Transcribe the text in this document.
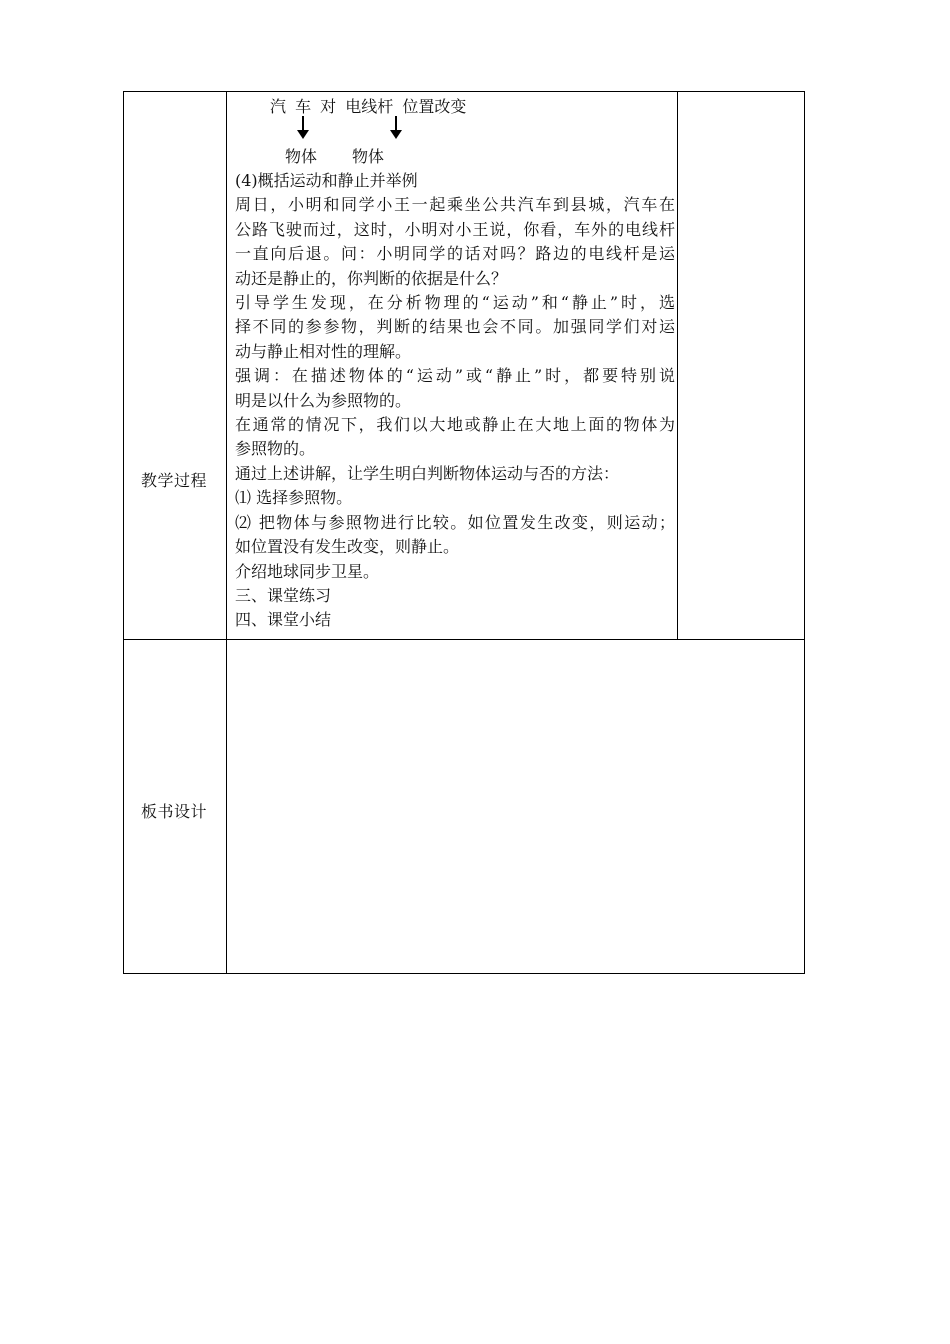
教学过程
板书设计
汽 车 对 电线杆 位置改变
物体 物体

(4)概括运动和静止并举例

周日，小明和同学小王一起乘坐公共汽车到县城，汽车在

公路飞驶而过，这时，小明对小王说，你看，车外的电线杆

一直向后退。问：小明同学的话对吗？路边的电线杆是运

动还是静止的，你判断的依据是什么？

引导学生发现，在分析物理的“运动”和“静止”时，选

择不同的参参物，判断的结果也会不同。加强同学们对运

动与静止相对性的理解。

强调：在描述物体的“运动”或“静止”时，都要特别说

明是以什么为参照物的。

在通常的情况下，我们以大地或静止在大地上面的物体为

参照物的。

通过上述讲解，让学生明白判断物体运动与否的方法：

⑴ 选择参照物。

⑵ 把物体与参照物进行比较。如位置发生改变，则运动；

如位置没有发生改变，则静止。

介绍地球同步卫星。

三、课堂练习

四、课堂小结
